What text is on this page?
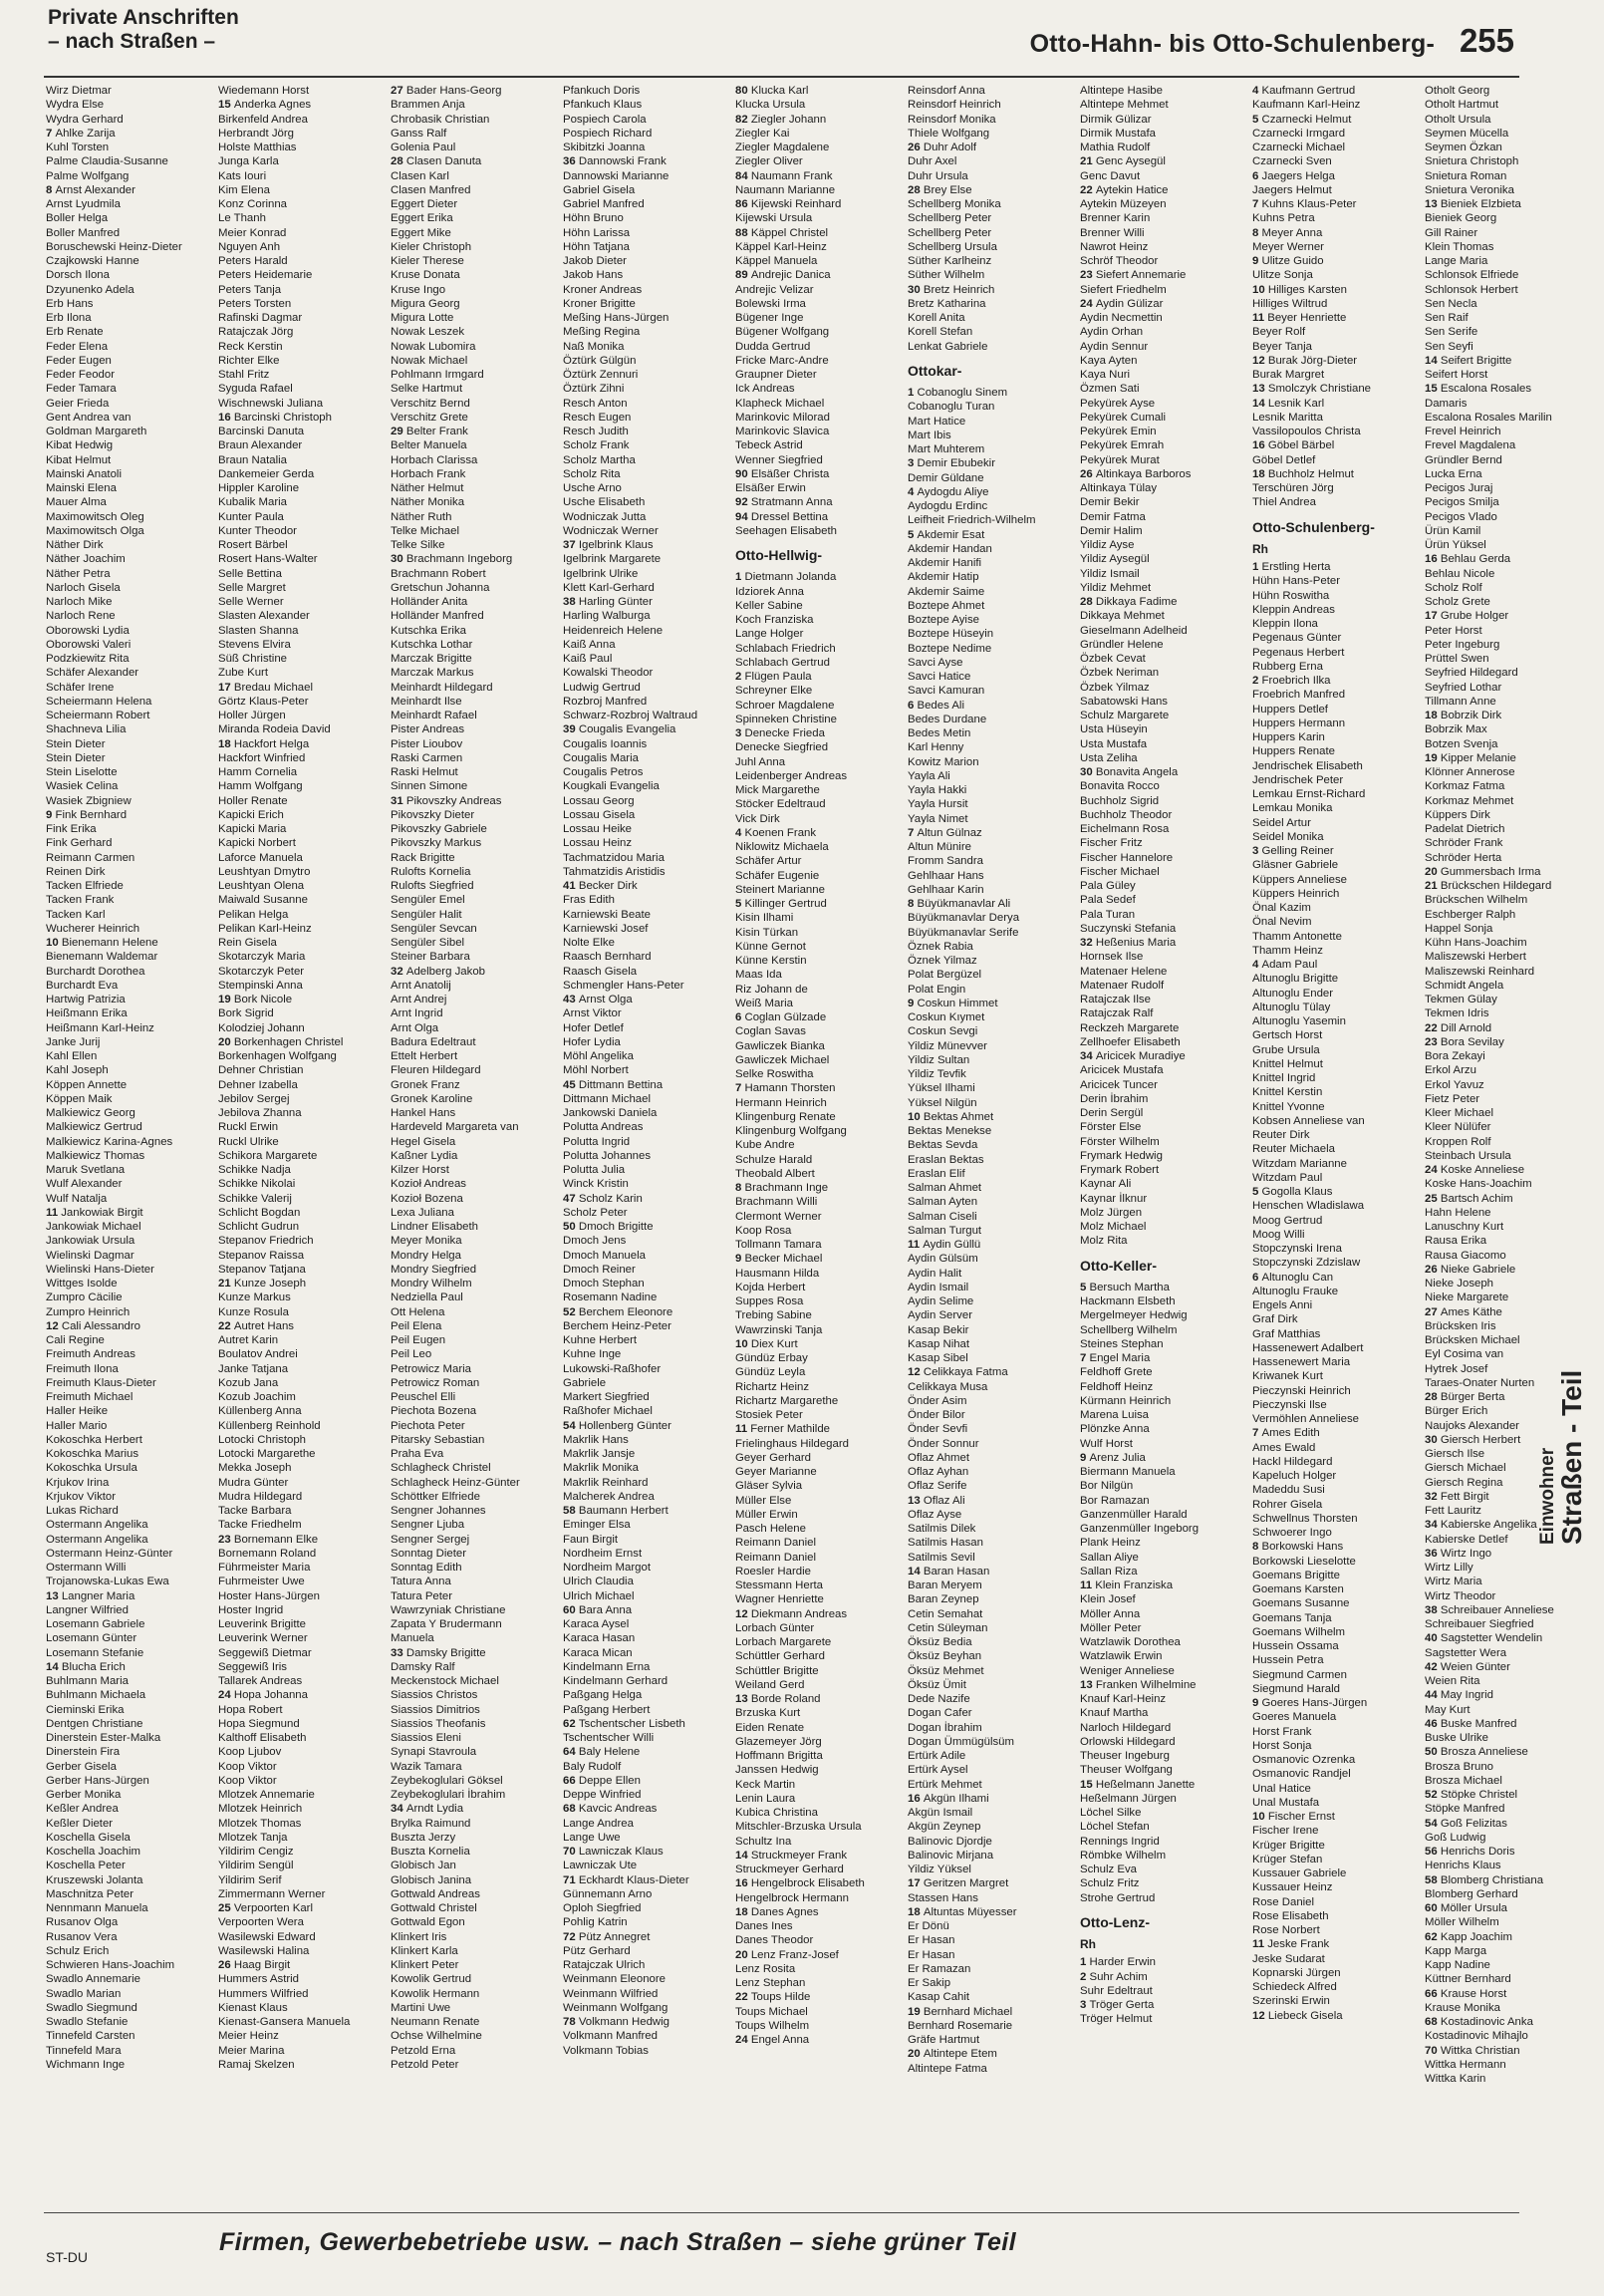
Private Anschriften
– nach Straßen –	Otto-Hahn- bis Otto-Schulenberg- 255
Wirz Dietmar
Wydra Else
Wydra Gerhard
7 Ahlke Zarija
Kuhl Torsten
Palme Claudia-Susanne
Palme Wolfgang
8 Arnst Alexander
Arnst Lyudmila
Boller Helga
Boller Manfred
Boruschewski Heinz-Dieter
Czajkowski Hanne
Dorsch Ilona
Dzyunenko Adela
Erb Hans
Erb Ilona
Erb Renate
Feder Elena
Feder Eugen
Feder Feodor
Feder Tamara
Geier Frieda
Gent Andrea van
Goldman Margareth
Kibat Hedwig
Kibat Helmut
Mainski Anatoli
Mainski Elena
Mauer Alma
Maximowitsch Oleg
Maximowitsch Olga
Näther Dirk
Näther Joachim
Näther Petra
Narloch Gisela
Narloch Mike
Narloch Rene
Oborowski Lydia
Oborowski Valeri
Podzkiewitz Rita
Schäfer Alexander
Schäfer Irene
Scheiermann Helena
Scheiermann Robert
Shachneva Lilia
Stein Dieter
Stein Dieter
Stein Liselotte
Wasiek Celina
Wasiek Zbigniew
9 Fink Bernhard
Fink Erika
Fink Gerhard
Reimann Carmen
Reinen Dirk
Tacken Elfriede
Tacken Frank
Tacken Karl
Wucherer Heinrich
10 Bienemann Helene
Bienemann Waldemar
Burchardt Dorothea
Burchardt Eva
Hartwig Patrizia
Heißmann Erika
Heißmann Karl-Heinz
Janke Jurij
Kahl Ellen
Kahl Joseph
Köppen Annette
Köppen Maik
Malkiewicz Georg
Malkiewicz Gertrud
Malkiewicz Karina-Agnes
Malkiewicz Thomas
Maruk Svetlana
Wulf Alexander
Wulf Natalja
11 Jankowiak Birgit
Jankowiak Michael
Jankowiak Ursula
Wielinski Dagmar
Wielinski Hans-Dieter
Wittges Isolde
Zumpro Cäcilie
Zumpro Heinrich
12 Cali Alessandro
Cali Regine
Freimuth Andreas
Freimuth Ilona
Freimuth Klaus-Dieter
Freimuth Michael
Haller Heike
Haller Mario
Kokoschka Herbert
Kokoschka Marius
Kokoschka Ursula
Krjukov Irina
Krjukov Viktor
Lukas Richard
Ostermann Angelika
Ostermann Angelika
Ostermann Heinz-Günter
Ostermann Willi
Trojanowska-Lukas Ewa
13 Langner Maria
Langner Wilfried
Losemann Gabriele
Losemann Günter
Losemann Stefanie
14 Blucha Erich
Buhlmann Maria
Buhlmann Michaela
Cieminski Erika
Dentgen Christiane
Dinerstein Ester-Malka
Dinerstein Fira
Gerber Gisela
Gerber Hans-Jürgen
Gerber Monika
Keßler Andrea
Keßler Dieter
Koschella Gisela
Koschella Joachim
Koschella Peter
Kruszewski Jolanta
Maschnitza Peter
Nennmann Manuela
Rusanov Olga
Rusanov Vera
Schulz Erich
Schwieren Hans-Joachim
Swadlo Annemarie
Swadlo Marian
Swadlo Siegmund
Swadlo Stefanie
Tinnefeld Carsten
Tinnefeld Mara
Wichmann Inge
Wiedemann Horst
15 Anderka Agnes
Birkenfeld Andrea
Herbrandt Jörg
Holste Matthias
Junga Karla
Kats Iouri
Kim Elena
Konz Corinna
Le Thanh
Meier Konrad
Nguyen Anh
Peters Harald
Peters Heidemarie
Peters Tanja
Peters Torsten
Rafinski Dagmar
Ratajczak Jörg
Reck Kerstin
Richter Elke
Stahl Fritz
Syguda Rafael
Wischnewski Juliana
16 Barcinski Christoph
Barcinski Danuta
Braun Alexander
Braun Natalia
Dankemeier Gerda
Hippler Karoline
Kubalik Maria
Kunter Paula
Kunter Theodor
Rosert Bärbel
Rosert Hans-Walter
Selle Bettina
Selle Margret
Selle Werner
Slasten Alexander
Slasten Shanna
Stevens Elvira
Süß Christine
Zube Kurt
17 Bredau Michael
Görtz Klaus-Peter
Holler Jürgen
Miranda Rodeia David
18 Hackfort Helga
Hackfort Winfried
Hamm Cornelia
Hamm Wolfgang
Holler Renate
Kapicki Erich
Kapicki Maria
Kapicki Norbert
Laforce Manuela
Leushtyan Dmytro
Leushtyan Olena
Maiwald Susanne
Pelikan Helga
Pelikan Karl-Heinz
Rein Gisela
Skotarczyk Maria
Skotarczyk Peter
Stempinski Anna
19 Bork Nicole
Bork Sigrid
Kolodziej Johann
20 Borkenhagen Christel
Borkenhagen Wolfgang
Dehner Christian
Dehner Izabella
Jebilov Sergej
Jebilova Zhanna
Ruckl Erwin
Ruckl Ulrike
Schikora Margarete
Schikke Nadja
Schikke Nikolai
Schikke Valerij
Schlicht Bogdan
Schlicht Gudrun
Stepanov Friedrich
Stepanov Raissa
Stepanov Tatjana
21 Kunze Joseph
Kunze Markus
Kunze Rosula
22 Autret Hans
Autret Karin
Boulatov Andrei
Janke Tatjana
Kozub Jana
Kozub Joachim
Küllenberg Anna
Küllenberg Reinhold
Lotocki Christoph
Lotocki Margarethe
Mekka Joseph
Mudra Günter
Mudra Hildegard
Tacke Barbara
Tacke Friedhelm
23 Bornemann Elke
Bornemann Roland
Führmeister Maria
Fuhrmeister Uwe
Hoster Hans-Jürgen
Hoster Ingrid
Leuverink Brigitte
Leuverink Werner
Seggewiß Dietmar
Seggewiß Iris
Tallarek Andreas
24 Hopa Johanna
Hopa Robert
Hopa Siegmund
Kalthoff Elisabeth
Koop Ljubov
Koop Viktor
Koop Viktor
Mlotzek Annemarie
Mlotzek Heinrich
Mlotzek Thomas
Mlotzek Tanja
Yildirim Cengiz
Yildirim Sengül
Yildirim Serif
Zimmermann Werner
25 Verpoorten Karl
Verpoorten Wera
Wasilewski Edward
Wasilewski Halina
26 Haag Birgit
Hummers Astrid
Hummers Wilfried
Kienast Klaus
Kienast-Gansera Manuela
Meier Heinz
Meier Marina
Ramaj Skelzen
27 Bader Hans-Georg
Brammen Anja
Chrobasik Christian
Ganss Ralf
Golenia Paul
28 Clasen Danuta
Clasen Karl
Clasen Manfred
Eggert Dieter
Eggert Erika
Eggert Mike
Kieler Christoph
Kieler Therese
Kruse Donata
Kruse Ingo
Migura Georg
Migura Lotte
Nowak Leszek
Nowak Lubomira
Nowak Michael
Pohlmann Irmgard
Selke Hartmut
Verschitz Bernd
Verschitz Grete
29 Belter Frank
Belter Manuela
Horbach Clarissa
Horbach Frank
Näther Helmut
Näther Monika
Näther Ruth
Telke Michael
Telke Silke
30 Brachmann Ingeborg
Brachmann Robert
Gretschun Johanna
Holländer Anita
Holländer Manfred
Kutschka Erika
Kutschka Lothar
Marczak Brigitte
Marczak Markus
Meinhardt Hildegard
Meinhardt Ilse
Meinhardt Rafael
Pister Andreas
Pister Lioubov
Raski Carmen
Raski Helmut
Sinnen Simone
31 Pikovszky Andreas
Pikovszky Dieter
Pikovszky Gabriele
Pikovszky Markus
Rack Brigitte
Rulofts Kornelia
Rulofts Siegfried
Sengüler Emel
Sengüler Halit
Sengüler Sevcan
Sengüler Sibel
Steiner Barbara
32 Adelberg Jakob
Arnt Anatolij
Arnt Andrej
Arnt Ingrid
Arnt Olga
Badura Edeltraut
Ettelt Herbert
Fleuren Hildegard
Gronek Franz
Gronek Karoline
Hankel Hans
Hardeveld Margareta van
Hegel Gisela
Kaßner Lydia
Kilzer Horst
Kozioł Andreas
Kozioł Bozena
Lexa Juliana
Lindner Elisabeth
Meyer Monika
Mondry Helga
Mondry Siegfried
Mondry Wilhelm
Nedziella Paul
Ott Helena
Peil Elena
Peil Eugen
Peil Leo
Petrowicz Maria
Petrowicz Roman
Peuschel Elli
Piechota Bozena
Piechota Peter
Pitarsky Sebastian
Praha Eva
Schlagheck Christel
Schlagheck Heinz-Günter
Schöttker Elfriede
Sengner Johannes
Sengner Ljuba
Sengner Sergej
Sonntag Dieter
Sonntag Edith
Tatura Anna
Tatura Peter
Wawrzyniak Christiane
Zapata Y Brudermann
Manuela
33 Damsky Brigitte
Damsky Ralf
Meckenstock Michael
Siassios Christos
Siassios Dimitrios
Siassios Theofanis
Siassios Eleni
Synapi Stavroula
Wazik Tamara
Zeybekoglulari Göksel
Zeybekoglulari İbrahim
34 Arndt Lydia
Brylka Raimund
Buszta Jerzy
Buszta Kornelia
Globisch Jan
Globisch Janina
Gottwald Andreas
Gottwald Christel
Gottwald Egon
Klinkert Iris
Klinkert Karla
Klinkert Peter
Kowolik Gertrud
Kowolik Hermann
Martini Uwe
Neumann Renate
Ochse Wilhelmine
Petzold Erna
Petzold Peter
Pfankuch Doris
Pfankuch Klaus
Pospiech Carola
Pospiech Richard
Skibitzki Joanna
36 Dannowski Frank
Dannowski Marianne
Gabriel Gisela
Gabriel Manfred
Höhn Bruno
Höhn Larissa
Höhn Tatjana
Jakob Dieter
Jakob Hans
Kroner Andreas
Kroner Brigitte
Meßing Hans-Jürgen
Meßing Regina
Naß Monika
Öztürk Gülgün
Öztürk Zennuri
Öztürk Zihni
Resch Anton
Resch Eugen
Resch Judith
Scholz Frank
Scholz Martha
Scholz Rita
Usche Arno
Usche Elisabeth
Wodniczak Jutta
Wodniczak Werner
37 Igelbrink Klaus
Igelbrink Margarete
Igelbrink Ulrike
Klett Karl-Gerhard
38 Harling Günter
Harling Walburga
Heidenreich Helene
Kaiß Anna
Kaiß Paul
Kowalski Theodor
Ludwig Gertrud
Rozbroj Manfred
Schwarz-Rozbroj Waltraud
39 Cougalis Evangelia
Cougalis Ioannis
Cougalis Maria
Cougalis Petros
Kougkali Evangelia
Lossau Georg
Lossau Gisela
Lossau Heike
Lossau Heinz
Tachmatzidou Maria
Tahmatzidis Aristidis
41 Becker Dirk
Fras Edith
Karniewski Beate
Karniewski Josef
Nolte Elke
Raasch Bernhard
Raasch Gisela
Schmengler Hans-Peter
43 Arnst Olga
Arnst Viktor
Hofer Detlef
Hofer Lydia
Möhl Angelika
Möhl Norbert
45 Dittmann Bettina
Dittmann Michael
Jankowski Daniela
Polutta Andreas
Polutta Ingrid
Polutta Johannes
Polutta Julia
Winck Kristin
47 Scholz Karin
Scholz Peter
50 Dmoch Brigitte
Dmoch Jens
Dmoch Manuela
Dmoch Reiner
Dmoch Stephan
Rosemann Nadine
52 Berchem Eleonore
Berchem Heinz-Peter
Kuhne Herbert
Kuhne Inge
Lukowski-Raßhofer
Gabriele
Markert Siegfried
Raßhofer Michael
54 Hollenberg Günter
Makrlik Hans
Makrlik Jansje
Makrlik Monika
Makrlik Reinhard
Malcherek Andrea
58 Baumann Herbert
Eminger Elsa
Faun Birgit
Nordheim Ernst
Nordheim Margot
Ulrich Claudia
Ulrich Michael
60 Bara Anna
Karaca Aysel
Karaca Hasan
Karaca Mican
Kindelmann Erna
Kindelmann Gerhard
Paßgang Helga
Paßgang Herbert
62 Tschentscher Lisbeth
Tschentscher Willi
64 Baly Helene
Baly Rudolf
66 Deppe Ellen
Deppe Winfried
68 Kavcic Andreas
Lange Andrea
Lange Uwe
70 Lawniczak Klaus
Lawniczak Ute
71 Eckhardt Klaus-Dieter
Günnemann Arno
Oploh Siegfried
Pohlig Katrin
72 Pütz Annegret
Pütz Gerhard
Ratajczak Ulrich
Weinmann Eleonore
Weinmann Wilfried
Weinmann Wolfgang
78 Volkmann Hedwig
Volkmann Manfred
Volkmann Tobias
80 Klucka Karl
Klucka Ursula
82 Ziegler Johann
Ziegler Kai
Ziegler Magdalene
Ziegler Oliver
84 Naumann Frank
Naumann Marianne
86 Kijewski Reinhard
Kijewski Ursula
88 Käppel Christel
Käppel Karl-Heinz
Käppel Manuela
89 Andrejic Danica
Andrejic Velizar
Bolewski Irma
Bügener Inge
Bügener Wolfgang
Dudda Gertrud
Fricke Marc-Andre
Graupner Dieter
Ick Andreas
Klapheck Michael
Marinkovic Milorad
Marinkovic Slavica
Tebeck Astrid
Wenner Siegfried
90 Elsäßer Christa
Elsäßer Erwin
92 Stratmann Anna
94 Dressel Bettina
Seehagen Elisabeth
Otto-Hellwig-
1 Dietmann Jolanda
Idziorek Anna
Keller Sabine
Koch Franziska
Lange Holger
Schlabach Friedrich
Schlabach Gertrud
2 Flügen Paula
Schreyner Elke
Schroer Magdalene
Spinneken Christine
3 Denecke Frieda
Denecke Siegfried
Juhl Anna
Leidenberger Andreas
Mick Margarethe
Stöcker Edeltraud
Vick Dirk
4 Koenen Frank
Niklowitz Michaela
Schäfer Artur
Schäfer Eugenie
Steinert Marianne
5 Killinger Gertrud
Kisin Ilhami
Kisin Türkan
Künne Gernot
Künne Kerstin
Maas Ida
Riz Johann de
Weiß Maria
6 Coglan Gülzade
Coglan Savas
Gawliczek Bianka
Gawliczek Michael
Selke Roswitha
7 Hamann Thorsten
Hermann Heinrich
Klingenburg Renate
Klingenburg Wolfgang
Kube Andre
Schulze Harald
Theobald Albert
8 Brachmann Inge
Brachmann Willi
Clermont Werner
Koop Rosa
Tollmann Tamara
9 Becker Michael
Hausmann Hilda
Kojda Herbert
Suppes Rosa
Trebing Sabine
Wawrzinski Tanja
10 Diex Kurt
Gündüz Erbay
Gündüz Leyla
Richartz Heinz
Richartz Margarethe
Stosiek Peter
11 Ferner Mathilde
Frielinghaus Hildegard
Geyer Gerhard
Geyer Marianne
Gläser Sylvia
Müller Else
Müller Erwin
Pasch Helene
Reimann Daniel
Reimann Daniel
Roesler Hardie
Stessmann Herta
Wagner Henriette
12 Diekmann Andreas
Lorbach Günter
Lorbach Margarete
Schüttler Gerhard
Schüttler Brigitte
Weiland Gerd
13 Borde Roland
Brzuska Kurt
Eiden Renate
Glazemeyer Jörg
Hoffmann Brigitta
Janssen Hedwig
Keck Martin
Lenin Laura
Kubica Christina
Mitschler-Brzuska Ursula
Schultz Ina
14 Struckmeyer Frank
Struckmeyer Gerhard
16 Hengelbrock Elisabeth
Hengelbrock Hermann
18 Danes Agnes
Danes Ines
Danes Theodor
20 Lenz Franz-Josef
Lenz Rosita
Lenz Stephan
22 Toups Hilde
Toups Michael
Toups Wilhelm
24 Engel Anna
Reinsdorf Anna
Reinsdorf Heinrich
Reinsdorf Monika
Thiele Wolfgang
26 Duhr Adolf
Duhr Axel
Duhr Ursula
28 Brey Else
Schellberg Monika
Schellberg Peter
Schellberg Peter
Schellberg Ursula
Süther Karlheinz
Süther Wilhelm
30 Bretz Heinrich
Bretz Katharina
Korell Anita
Korell Stefan
Lenkat Gabriele
Ottokar-
1 Cobanoglu Sinem
Cobanoglu Turan
Mart Hatice
Mart Ibis
Mart Muhterem
3 Demir Ebubekir
Demir Güldane
4 Aydogdu Aliye
Aydogdu Erdinc
Leifheit Friedrich-Wilhelm
5 Akdemir Esat
Akdemir Handan
Akdemir Hanifi
Akdemir Hatip
Akdemir Saime
Boztepe Ahmet
Boztepe Ayise
Boztepe Hüseyin
Boztepe Nedime
Savci Ayse
Savci Hatice
Savci Kamuran
6 Bedes Ali
Bedes Durdane
Bedes Metin
Karl Henny
Kowitz Marion
Yayla Ali
Yayla Hakki
Yayla Hursit
Yayla Nimet
7 Altun Gülnaz
Altun Münire
Fromm Sandra
Gehlhaar Hans
Gehlhaar Karin
8 Büyükmanavlar Ali
Büyükmanavlar Derya
Büyükmanavlar Serife
Öznek Rabia
Öznek Yilmaz
Polat Bergüzel
Polat Engin
9 Coskun Himmet
Coskun Kıymet
Coskun Sevgi
Yildiz Münevver
Yildiz Sultan
Yildiz Tevfik
Yüksel Ilhami
Yüksel Nilgün
10 Bektas Ahmet
Bektas Menekse
Bektas Sevda
Eraslan Bektas
Eraslan Elif
Salman Ahmet
Salman Ayten
Salman Ciseli
Salman Turgut
11 Aydin Güllü
Aydin Gülsüm
Aydin Halit
Aydin Ismail
Aydin Selime
Aydin Server
Kasap Bekir
Kasap Nihat
Kasap Sibel
12 Celikkaya Fatma
Celikkaya Musa
Önder Asim
Önder Bilor
Önder Sevfi
Önder Sonnur
Oflaz Ahmet
Oflaz Ayhan
Oflaz Serife
13 Oflaz Ali
Oflaz Ayse
Satilmis Dilek
Satilmis Hasan
Satilmis Sevil
14 Baran Hasan
Baran Meryem
Baran Zeynep
Cetin Semahat
Cetin Süleyman
Öksüz Bedia
Öksüz Beyhan
Öksüz Mehmet
Öksüz Ümit
Dede Nazife
Dogan Cafer
Dogan İbrahim
Dogan Ümmügülsüm
Ertürk Adile
Ertürk Aysel
Ertürk Mehmet
16 Akgün Ilhami
Akgün Ismail
Akgün Zeynep
Balinovic Djordje
Balinovic Mirjana
Yildiz Yüksel
17 Geritzen Margret
Stassen Hans
18 Altuntas Müyesser
Er Dönü
Er Hasan
Er Hasan
Er Ramazan
Er Sakip
Kasap Cahit
19 Bernhard Michael
Bernhard Rosemarie
Gräfe Hartmut
20 Altintepe Etem
Altintepe Fatma
Altintepe Hasibe
Altintepe Mehmet
Dirmik Gülizar
Dirmik Mustafa
Mathia Rudolf
21 Genc Aysegül
Genc Davut
22 Aytekin Hatice
Aytekin Müzeyen
Brenner Karin
Brenner Willi
Nawrot Heinz
Schröf Theodor
23 Siefert Annemarie
Siefert Friedhelm
24 Aydin Gülizar
Aydin Necmettin
Aydin Orhan
Aydin Sennur
Kaya Ayten
Kaya Nuri
Özmen Sati
Pekyürek Ayse
Pekyürek Cumali
Pekyürek Emin
Pekyürek Emrah
Pekyürek Murat
26 Altinkaya Barboros
Altinkaya Tülay
Demir Bekir
Demir Fatma
Demir Halim
Yildiz Ayse
Yildiz Aysegül
Yildiz Ismail
Yildiz Mehmet
28 Dikkaya Fadime
Dikkaya Mehmet
Gieselmann Adelheid
Gründler Helene
Özbek Cevat
Özbek Neriman
Özbek Yilmaz
Sabatowski Hans
Schulz Margarete
Usta Hüseyin
Usta Mustafa
Usta Zeliha
30 Bonavita Angela
Bonavita Rocco
Buchholz Sigrid
Buchholz Theodor
Eichelmann Rosa
Fischer Fritz
Fischer Hannelore
Fischer Michael
Pala Güley
Pala Sedef
Pala Turan
Suczynski Stefania
32 Heßenius Maria
Hornsek Ilse
Matenaer Helene
Matenaer Rudolf
Ratajczak Ilse
Ratajczak Ralf
Reckzeh Margarete
Zellhoefer Elisabeth
34 Aricicek Muradiye
Aricicek Mustafa
Aricicek Tuncer
Derin İbrahim
Derin Sergül
Förster Else
Förster Wilhelm
Frymark Hedwig
Frymark Robert
Kaynar Ali
Kaynar İlknur
Molz Jürgen
Molz Michael
Molz Rita
Otto-Keller-
5 Bersuch Martha
Hackmann Elsbeth
Mergelmeyer Hedwig
Schellberg Wilhelm
Steines Stephan
7 Engel Maria
Feldhoff Grete
Feldhoff Heinz
Kürmann Heinrich
Marena Luisa
Plönzke Anna
Wulf Horst
9 Arenz Julia
Biermann Manuela
Bor Nilgün
Bor Ramazan
Ganzenmüller Harald
Ganzenmüller Ingeborg
Plank Heinz
Sallan Aliye
Sallan Riza
11 Klein Franziska
Klein Josef
Möller Anna
Möller Peter
Watzlawik Dorothea
Watzlawik Erwin
Weniger Anneliese
13 Franken Wilhelmine
Knauf Karl-Heinz
Knauf Martha
Narloch Hildegard
Orlowski Hildegard
Theuser Ingeburg
Theuser Wolfgang
15 Heßelmann Janette
Heßelmann Jürgen
Löchel Silke
Löchel Stefan
Rennings Ingrid
Römbke Wilhelm
Schulz Eva
Schulz Fritz
Strohe Gertrud
Otto-Lenz-
Rh
1 Harder Erwin
2 Suhr Achim
Suhr Edeltraut
3 Tröger Gerta
Tröger Helmut
4 Kaufmann Gertrud
Kaufmann Karl-Heinz
5 Czarnecki Helmut
Czarnecki Irmgard
Czarnecki Michael
Czarnecki Sven
6 Jaegers Helga
Jaegers Helmut
7 Kuhns Klaus-Peter
Kuhns Petra
8 Meyer Anna
Meyer Werner
9 Ulitze Guido
Ulitze Sonja
10 Hilliges Karsten
Hilliges Wiltrud
11 Beyer Henriette
Beyer Rolf
Beyer Tanja
12 Burak Jörg-Dieter
Burak Margret
13 Smolczyk Christiane
14 Lesnik Karl
Lesnik Maritta
Vassilopoulos Christa
16 Göbel Bärbel
Göbel Detlef
18 Buchholz Helmut
Terschüren Jörg
Thiel Andrea
Otto-Schulenberg-
Rh
1 Erstling Herta
Hühn Hans-Peter
Hühn Roswitha
Kleppin Andreas
Kleppin Ilona
Pegenaus Günter
Pegenaus Herbert
Rubberg Erna
2 Froebrich Ilka
Froebrich Manfred
Huppers Detlef
Huppers Hermann
Huppers Karin
Huppers Renate
Jendrischek Elisabeth
Jendrischek Peter
Lemkau Ernst-Richard
Lemkau Monika
Seidel Artur
Seidel Monika
3 Gelling Reiner
Gläsner Gabriele
Küppers Anneliese
Küppers Heinrich
Önal Kazim
Önal Nevim
Thamm Antonette
Thamm Heinz
4 Adam Paul
Altunoglu Brigitte
Altunoglu Ender
Altunoglu Tülay
Altunoglu Yasemin
Gertsch Horst
Grube Ursula
Knittel Helmut
Knittel Ingrid
Knittel Kerstin
Knittel Yvonne
Kobsen Anneliese van
Reuter Dirk
Reuter Michaela
Witzdam Marianne
Witzdam Paul
5 Gogolla Klaus
Henschen Wladislawa
Moog Gertrud
Moog Willi
Stopczynski Irena
Stopczynski Zdzislaw
6 Altunoglu Can
Altunoglu Frauke
Engels Anni
Graf Dirk
Graf Matthias
Hassenewert Adalbert
Hassenewert Maria
Kriwanek Kurt
Pieczynski Heinrich
Pieczynski Ilse
Vermöhlen Anneliese
7 Ames Edith
Ames Ewald
Hackl Hildegard
Kapeluch Holger
Madeddu Susi
Rohrer Gisela
Schwellnus Thorsten
Schwoerer Ingo
8 Borkowski Hans
Borkowski Lieselotte
Goemans Brigitte
Goemans Karsten
Goemans Susanne
Goemans Tanja
Goemans Wilhelm
Hussein Ossama
Hussein Petra
Siegmund Carmen
Siegmund Harald
9 Goeres Hans-Jürgen
Goeres Manuela
Horst Frank
Horst Sonja
Osmanovic Ozrenka
Osmanovic Randjel
Unal Hatice
Unal Mustafa
10 Fischer Ernst
Fischer Irene
Krüger Brigitte
Krüger Stefan
Kussauer Gabriele
Kussauer Heinz
Rose Daniel
Rose Elisabeth
Rose Norbert
11 Jeske Frank
Jeske Sudarat
Kopnarski Jürgen
Schiedeck Alfred
Szerinski Erwin
12 Liebeck Gisela
Otholt Georg
Otholt Hartmut
Otholt Ursula
Seymen Mücella
Seymen Özkan
Snietura Christoph
Snietura Roman
Snietura Veronika
13 Bieniek Elzbieta
Bieniek Georg
Gill Rainer
Klein Thomas
Lange Maria
Schlonsok Elfriede
Schlonsok Herbert
Sen Necla
Sen Raif
Sen Serife
Sen Seyfi
14 Seifert Brigitte
Seifert Horst
15 Escalona Rosales
Damaris
Escalona Rosales Marilin
Frevel Heinrich
Frevel Magdalena
Gründler Bernd
Lucka Erna
Pecigos Juraj
Pecigos Smilja
Pecigos Vlado
Ürün Kamil
Ürün Yüksel
16 Behlau Gerda
Behlau Nicole
Scholz Rolf
Scholz Grete
17 Grube Holger
Peter Horst
Peter Ingeburg
Prüttel Swen
Seyfried Hildegard
Seyfried Lothar
Tillmann Anne
18 Bobrzik Dirk
Bobrzik Max
Botzen Svenja
19 Kipper Melanie
Klönner Annerose
Korkmaz Fatma
Korkmaz Mehmet
Küppers Dirk
Padelat Dietrich
Schröder Frank
Schröder Herta
20 Gummersbach Irma
21 Brückschen Hildegard
Brückschen Wilhelm
Eschberger Ralph
Happel Sonja
Kühn Hans-Joachim
Maliszewski Herbert
Maliszewski Reinhard
Schmidt Angela
Tekmen Gülay
Tekmen Idris
22 Dill Arnold
23 Bora Sevilay
Bora Zekayi
Erkol Arzu
Erkol Yavuz
Fietz Peter
Kleer Michael
Kleer Nülüfer
Kroppen Rolf
Steinbach Ursula
24 Koske Anneliese
Koske Hans-Joachim
25 Bartsch Achim
Hahn Helene
Lanuschny Kurt
Rausa Erika
Rausa Giacomo
26 Nieke Gabriele
Nieke Joseph
Nieke Margarete
27 Ames Käthe
Brücksken Iris
Brücksken Michael
Eyl Cosima van
Hytrek Josef
Taraes-Onater Nurten
28 Bürger Berta
Bürger Erich
Naujoks Alexander
30 Giersch Herbert
Giersch Ilse
Giersch Michael
Giersch Regina
32 Fett Birgit
Fett Lauritz
34 Kabierske Angelika
Kabierske Detlef
36 Wirtz Ingo
Wirtz Lilly
Wirtz Maria
Wirtz Theodor
38 Schreibauer Anneliese
Schreibauer Siegfried
40 Sagstetter Wendelin
Sagstetter Wera
42 Weien Günter
Weien Rita
44 May Ingrid
May Kurt
46 Buske Manfred
Buske Ulrike
50 Brosza Anneliese
Brosza Bruno
Brosza Michael
52 Stöpke Christel
Stöpke Manfred
54 Goß Felizitas
Goß Ludwig
56 Henrichs Doris
Henrichs Klaus
58 Blomberg Christiana
Blomberg Gerhard
60 Möller Ursula
Möller Wilhelm
62 Kapp Joachim
Kapp Marga
Kapp Nadine
Küttner Bernhard
66 Krause Horst
Krause Monika
68 Kostadinovic Anka
Kostadinovic Mihajlo
70 Wittka Christian
Wittka Hermann
Wittka Karin
Einwohner
Straßen - Teil
ST-DU
Firmen, Gewerbebetriebe usw. – nach Straßen – siehe grüner Teil
